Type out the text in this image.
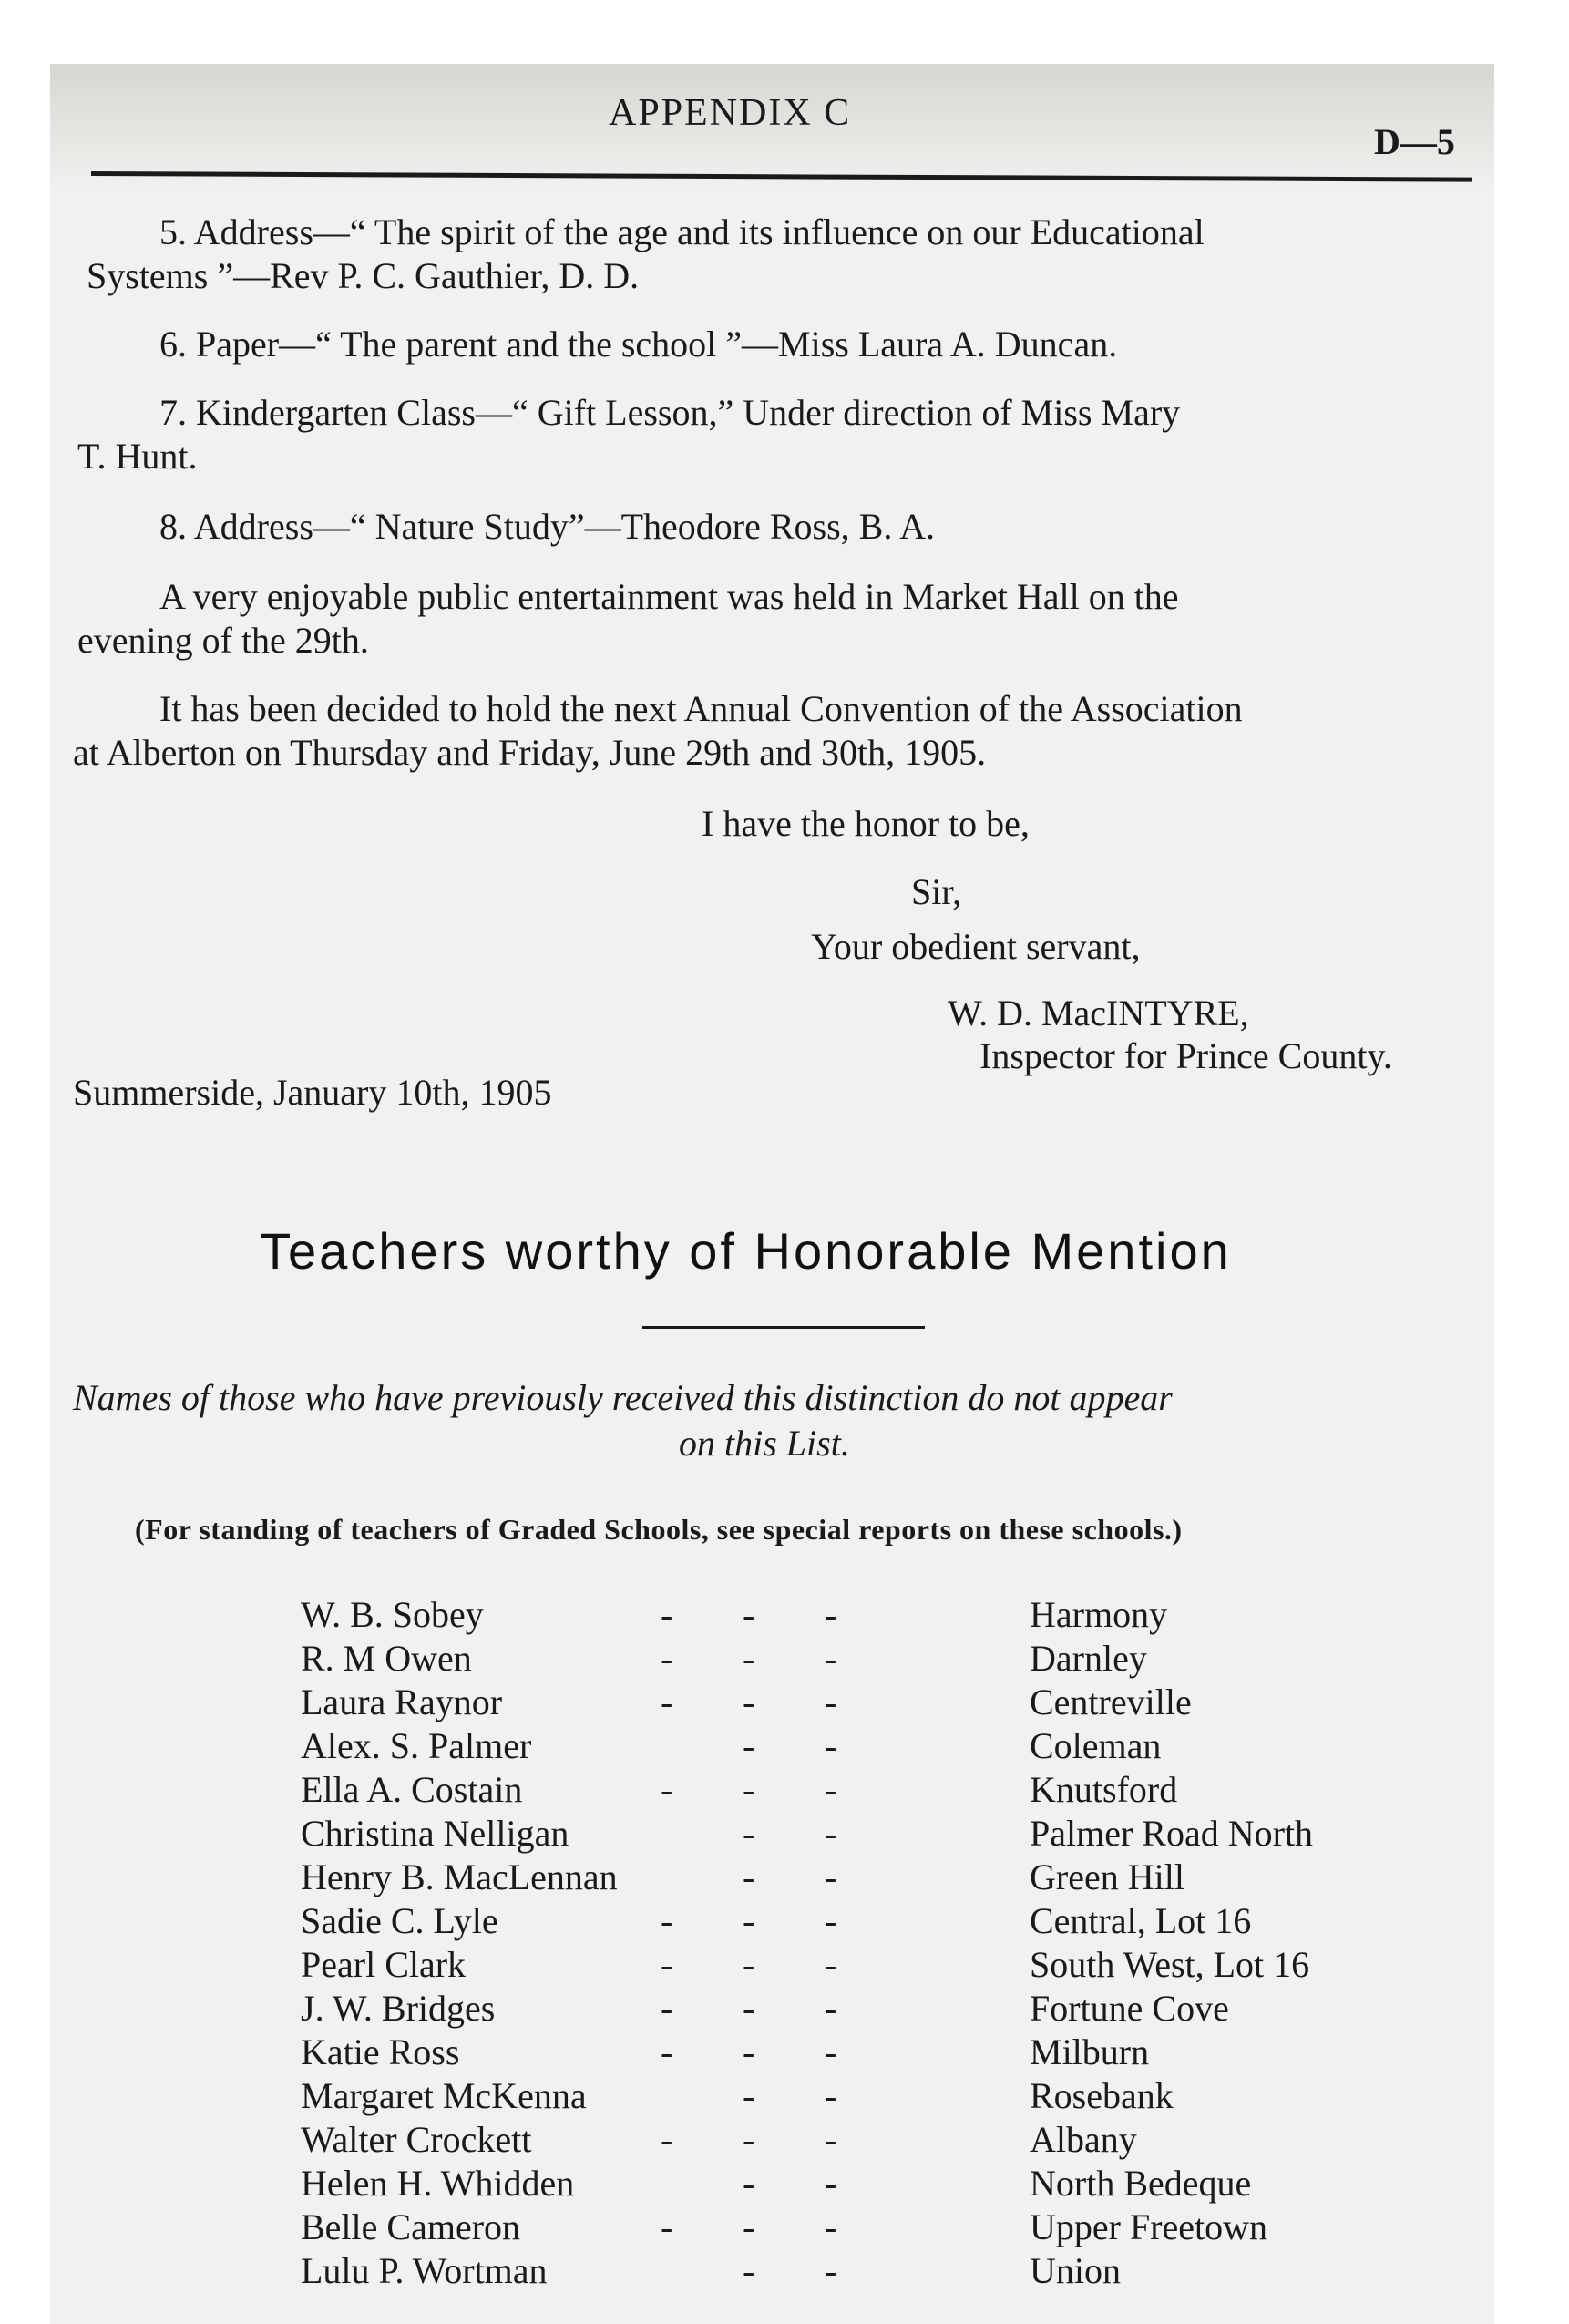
APPENDIX C
D—5
5. Address—“ The spirit of the age and its influence on our Educational
Systems ”—Rev P. C. Gauthier, D. D.
6. Paper—“ The parent and the school ”—Miss Laura A. Duncan.
7. Kindergarten Class—“ Gift Lesson,” Under direction of Miss Mary
T. Hunt.
8. Address—“ Nature Study”—Theodore Ross, B. A.
A very enjoyable public entertainment was held in Market Hall on the
evening of the 29th.
It has been decided to hold the next Annual Convention of the Association
at Alberton on Thursday and Friday, June 29th and 30th, 1905.
I have the honor to be,
Sir,
Your obedient servant,
W. D. MacINTYRE,
Inspector for Prince County.
Summerside, January 10th, 1905
Teachers worthy of Honorable Mention
Names of those who have previously received this distinction do not appear
on this List.
(For standing of teachers of Graded Schools, see special reports on these schools.)
W. B. Sobey	- - -	Harmony
R. M Owen	- - -	Darnley
Laura Raynor	- - -	Centreville
Alex. S. Palmer	- -	Coleman
Ella A. Costain	- - -	Knutsford
Christina Nelligan	- -	Palmer Road North
Henry B. MacLennan	- -	Green Hill
Sadie C. Lyle	- - -	Central, Lot 16
Pearl Clark	- - -	South West, Lot 16
J. W. Bridges	- - -	Fortune Cove
Katie Ross	- - -	Milburn
Margaret McKenna	- -	Rosebank
Walter Crockett	- - -	Albany
Helen H. Whidden	- -	North Bedeque
Belle Cameron	- - -	Upper Freetown
Lulu P. Wortman	- -	Union
